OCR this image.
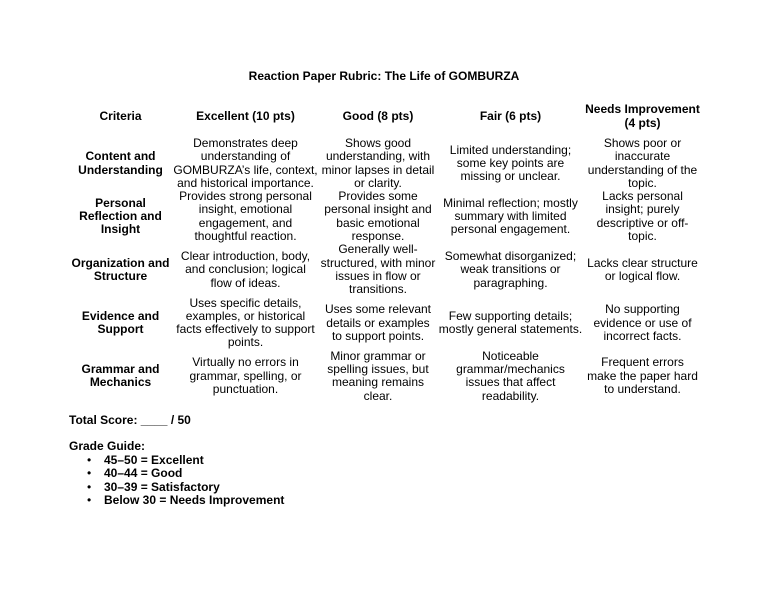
Reaction Paper Rubric: The Life of GOMBURZA
Criteria	Excellent (10 pts)	Good (8 pts)	Fair (6 pts)	Needs Improvement (4 pts)
Content and Understanding	Demonstrates deep understanding of GOMBURZA’s life, context, and historical importance.	Shows good understanding, with minor lapses in detail or clarity.	Limited understanding; some key points are missing or unclear.	Shows poor or inaccurate understanding of the topic.
Personal Reflection and Insight	Provides strong personal insight, emotional engagement, and thoughtful reaction.	Provides some personal insight and basic emotional response.	Minimal reflection; mostly summary with limited personal engagement.	Lacks personal insight; purely descriptive or off-topic.
Organization and Structure	Clear introduction, body, and conclusion; logical flow of ideas.	Generally well-structured, with minor issues in flow or transitions.	Somewhat disorganized; weak transitions or paragraphing.	Lacks clear structure or logical flow.
Evidence and Support	Uses specific details, examples, or historical facts effectively to support points.	Uses some relevant details or examples to support points.	Few supporting details; mostly general statements.	No supporting evidence or use of incorrect facts.
Grammar and Mechanics	Virtually no errors in grammar, spelling, or punctuation.	Minor grammar or spelling issues, but meaning remains clear.	Noticeable grammar/mechanics issues that affect readability.	Frequent errors make the paper hard to understand.
Total Score: ____ / 50
Grade Guide:
• 45–50 = Excellent
• 40–44 = Good
• 30–39 = Satisfactory
• Below 30 = Needs Improvement
